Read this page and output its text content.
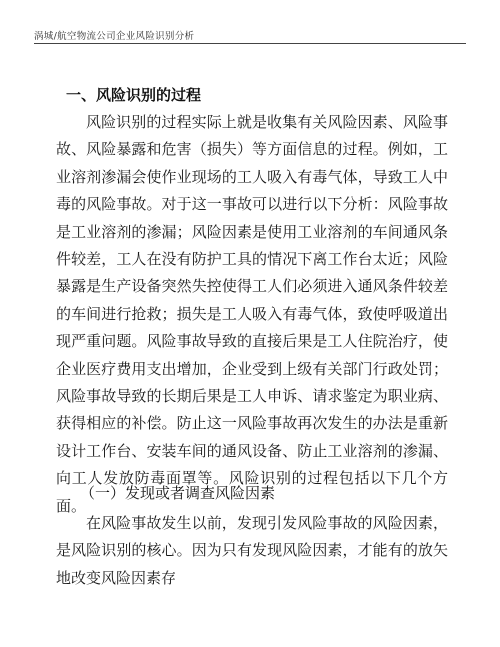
涡城/航空物流公司企业风险识别分析
一、风险识别的过程

风险识别的过程实际上就是收集有关风险因素、风险事故、风险暴露和危害（损失）等方面信息的过程。例如，工业溶剂渗漏会使作业现场的工人吸入有毒气体，导致工人中毒的风险事故。对于这一事故可以进行以下分析：风险事故是工业溶剂的渗漏；风险因素是使用工业溶剂的车间通风条件较差，工人在没有防护工具的情况下离工作台太近；风险暴露是生产设备突然失控使得工人们必须进入通风条件较差的车间进行抢救；损失是工人吸入有毒气体，致使呼吸道出现严重问题。风险事故导致的直接后果是工人住院治疗，使企业医疗费用支出增加，企业受到上级有关部门行政处罚；风险事故导致的长期后果是工人申诉、请求鉴定为职业病、获得相应的补偿。防止这一风险事故再次发生的办法是重新设计工作台、安装车间的通风设备、防止工业溶剂的渗漏、向工人发放防毒面罩等。风险识别的过程包括以下几个方面。

（一）发现或者调查风险因素

在风险事故发生以前，发现引发风险事故的风险因素，是风险识别的核心。因为只有发现风险因素，才能有的放矢地改变风险因素存
